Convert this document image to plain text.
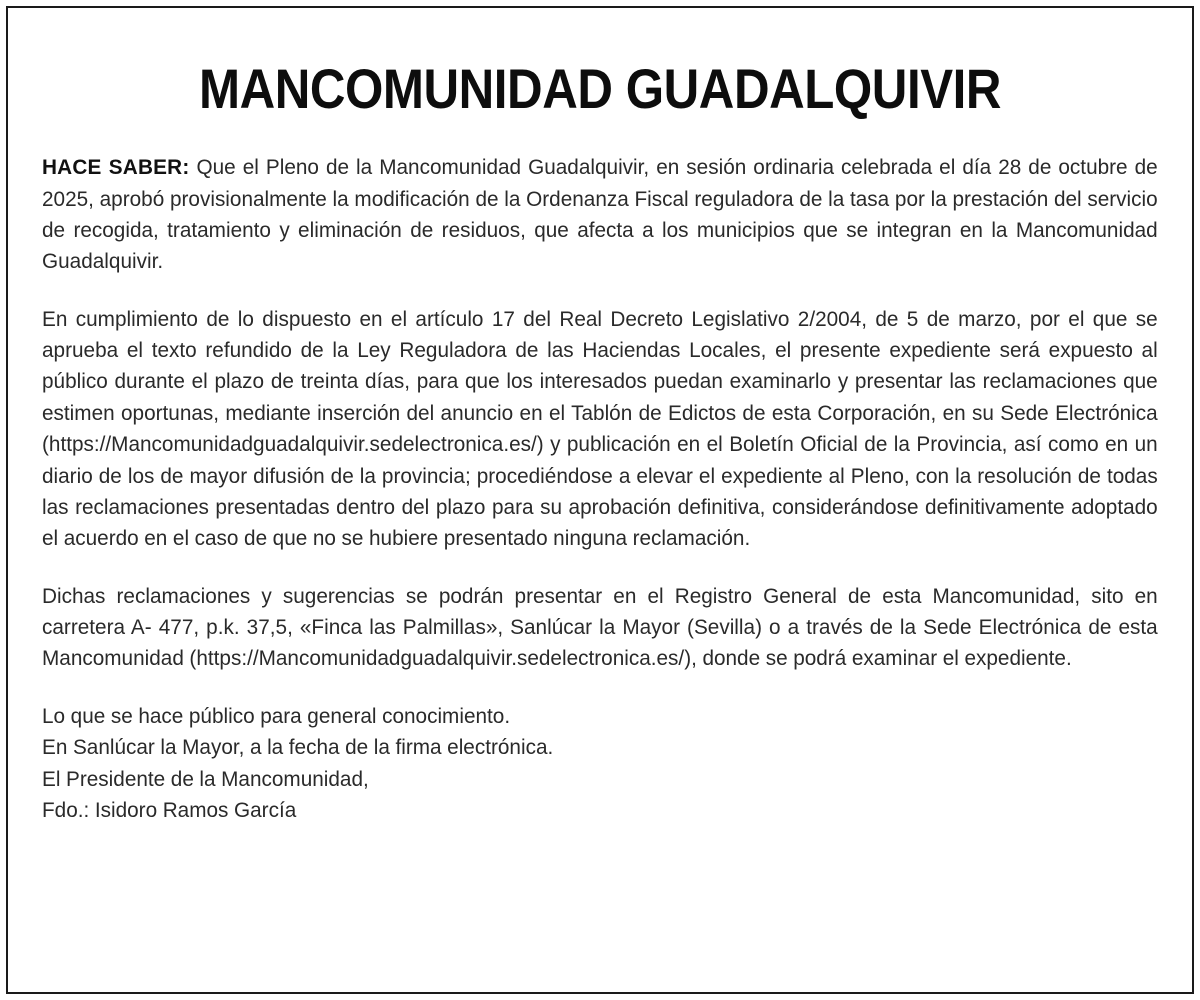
MANCOMUNIDAD GUADALQUIVIR

HACE SABER: Que el Pleno de la Mancomunidad Guadalquivir, en sesión ordinaria celebrada el día 28 de octubre de 2025, aprobó provisionalmente la modificación de la Ordenanza Fiscal reguladora de la tasa por la prestación del servicio de recogida, tratamiento y eliminación de residuos, que afecta a los municipios que se integran en la Mancomunidad Guadalquivir.

En cumplimiento de lo dispuesto en el artículo 17 del Real Decreto Legislativo 2/2004, de 5 de marzo, por el que se aprueba el texto refundido de la Ley Reguladora de las Haciendas Locales, el presente expediente será expuesto al público durante el plazo de treinta días, para que los interesados puedan examinarlo y presentar las reclamaciones que estimen oportunas, mediante inserción del anuncio en el Tablón de Edictos de esta Corporación, en su Sede Electrónica (https://Mancomunidadguadalquivir.sedelectronica.es/) y publicación en el Boletín Oficial de la Provincia, así como en un diario de los de mayor difusión de la provincia; procediéndose a elevar el expediente al Pleno, con la resolución de todas las reclamaciones presentadas dentro del plazo para su aprobación definitiva, considerándose definitivamente adoptado el acuerdo en el caso de que no se hubiere presentado ninguna reclamación.

Dichas reclamaciones y sugerencias se podrán presentar en el Registro General de esta Mancomunidad, sito en carretera A- 477, p.k. 37,5, «Finca las Palmillas», Sanlúcar la Mayor (Sevilla) o a través de la Sede Electrónica de esta Mancomunidad (https://Mancomunidadguadalquivir.sedelectronica.es/), donde se podrá examinar el expediente.

Lo que se hace público para general conocimiento.

En Sanlúcar la Mayor, a la fecha de la firma electrónica.

El Presidente de la Mancomunidad,

Fdo.: Isidoro Ramos García
